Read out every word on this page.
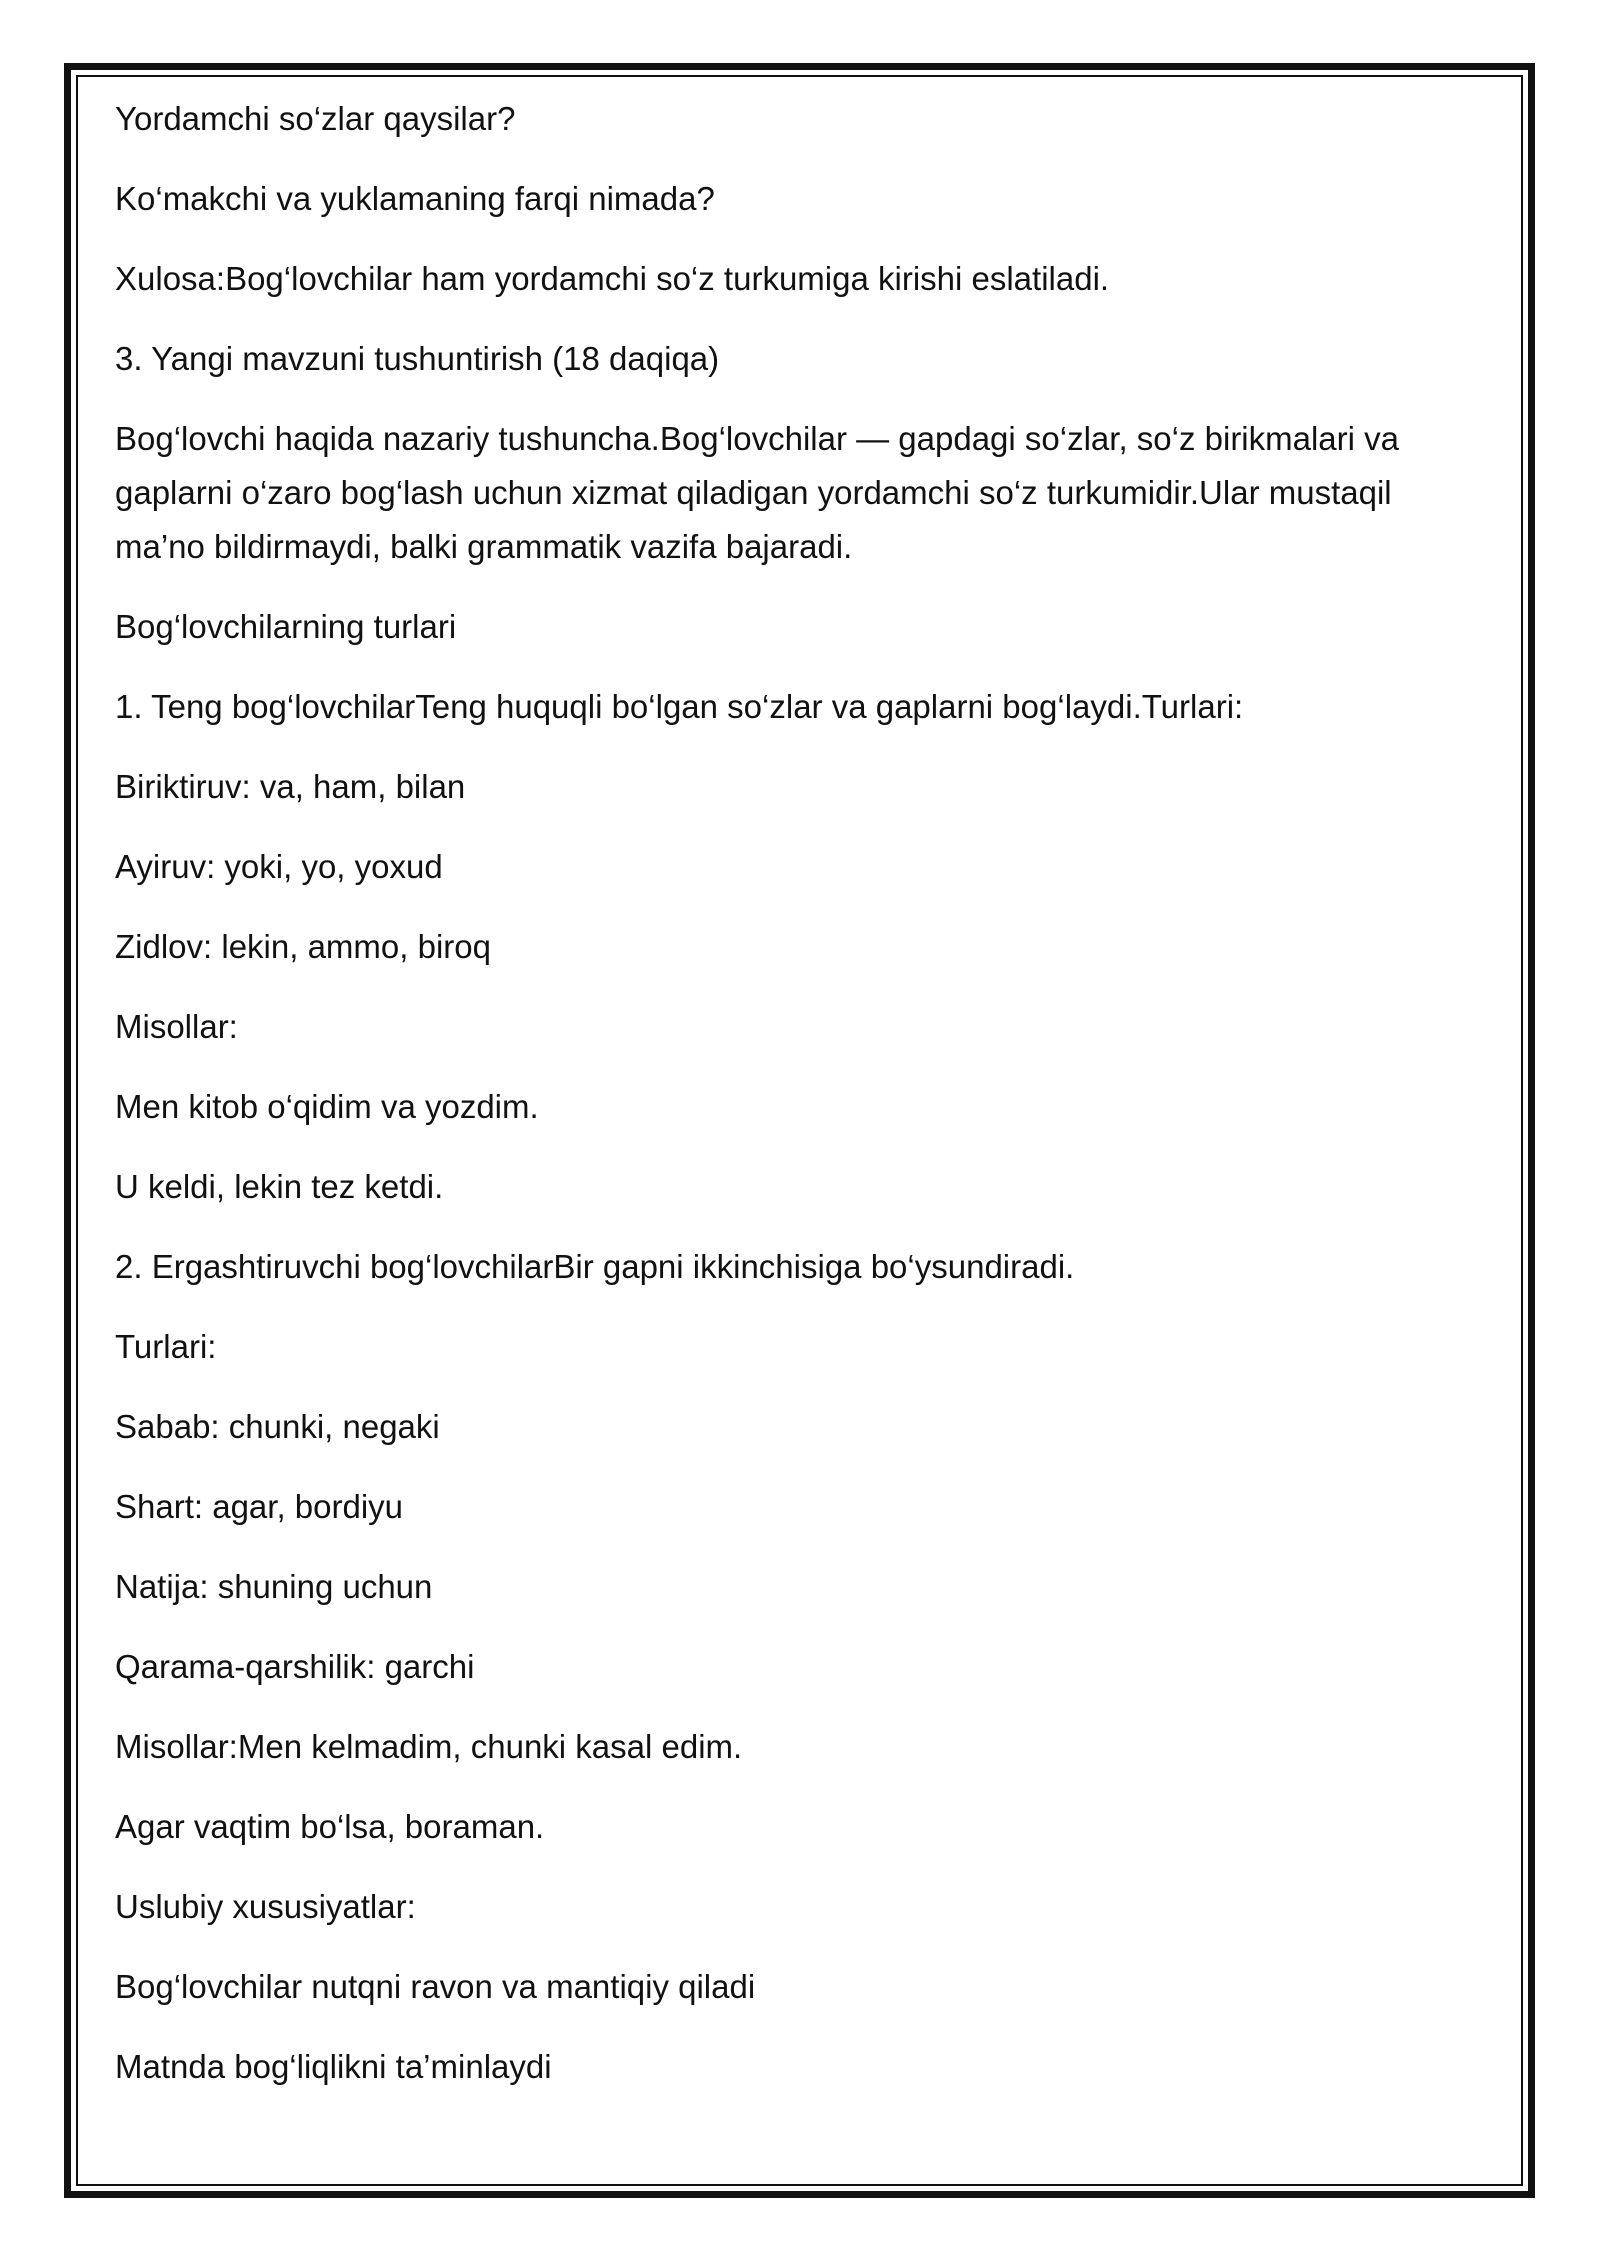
Yordamchi so‘zlar qaysilar?

Ko‘makchi va yuklamaning farqi nimada?

Xulosa:Bog‘lovchilar ham yordamchi so‘z turkumiga kirishi eslatiladi.

3. Yangi mavzuni tushuntirish (18 daqiqa)

Bog‘lovchi haqida nazariy tushuncha.Bog‘lovchilar — gapdagi so‘zlar, so‘z birikmalari va gaplarni o‘zaro bog‘lash uchun xizmat qiladigan yordamchi so‘z turkumidir.Ular mustaqil ma’no bildirmaydi, balki grammatik vazifa bajaradi.

Bog‘lovchilarning turlari

1. Teng bog‘lovchilarTeng huquqli bo‘lgan so‘zlar va gaplarni bog‘laydi.Turlari:

Biriktiruv: va, ham, bilan

Ayiruv: yoki, yo, yoxud

Zidlov: lekin, ammo, biroq

Misollar:

Men kitob o‘qidim va yozdim.

U keldi, lekin tez ketdi.

2. Ergashtiruvchi bog‘lovchilarBir gapni ikkinchisiga bo‘ysundiradi.

Turlari:

Sabab: chunki, negaki

Shart: agar, bordiyu

Natija: shuning uchun

Qarama-qarshilik: garchi

Misollar:Men kelmadim, chunki kasal edim.

Agar vaqtim bo‘lsa, boraman.

Uslubiy xususiyatlar:

Bog‘lovchilar nutqni ravon va mantiqiy qiladi

Matnda bog‘liqlikni ta’minlaydi
